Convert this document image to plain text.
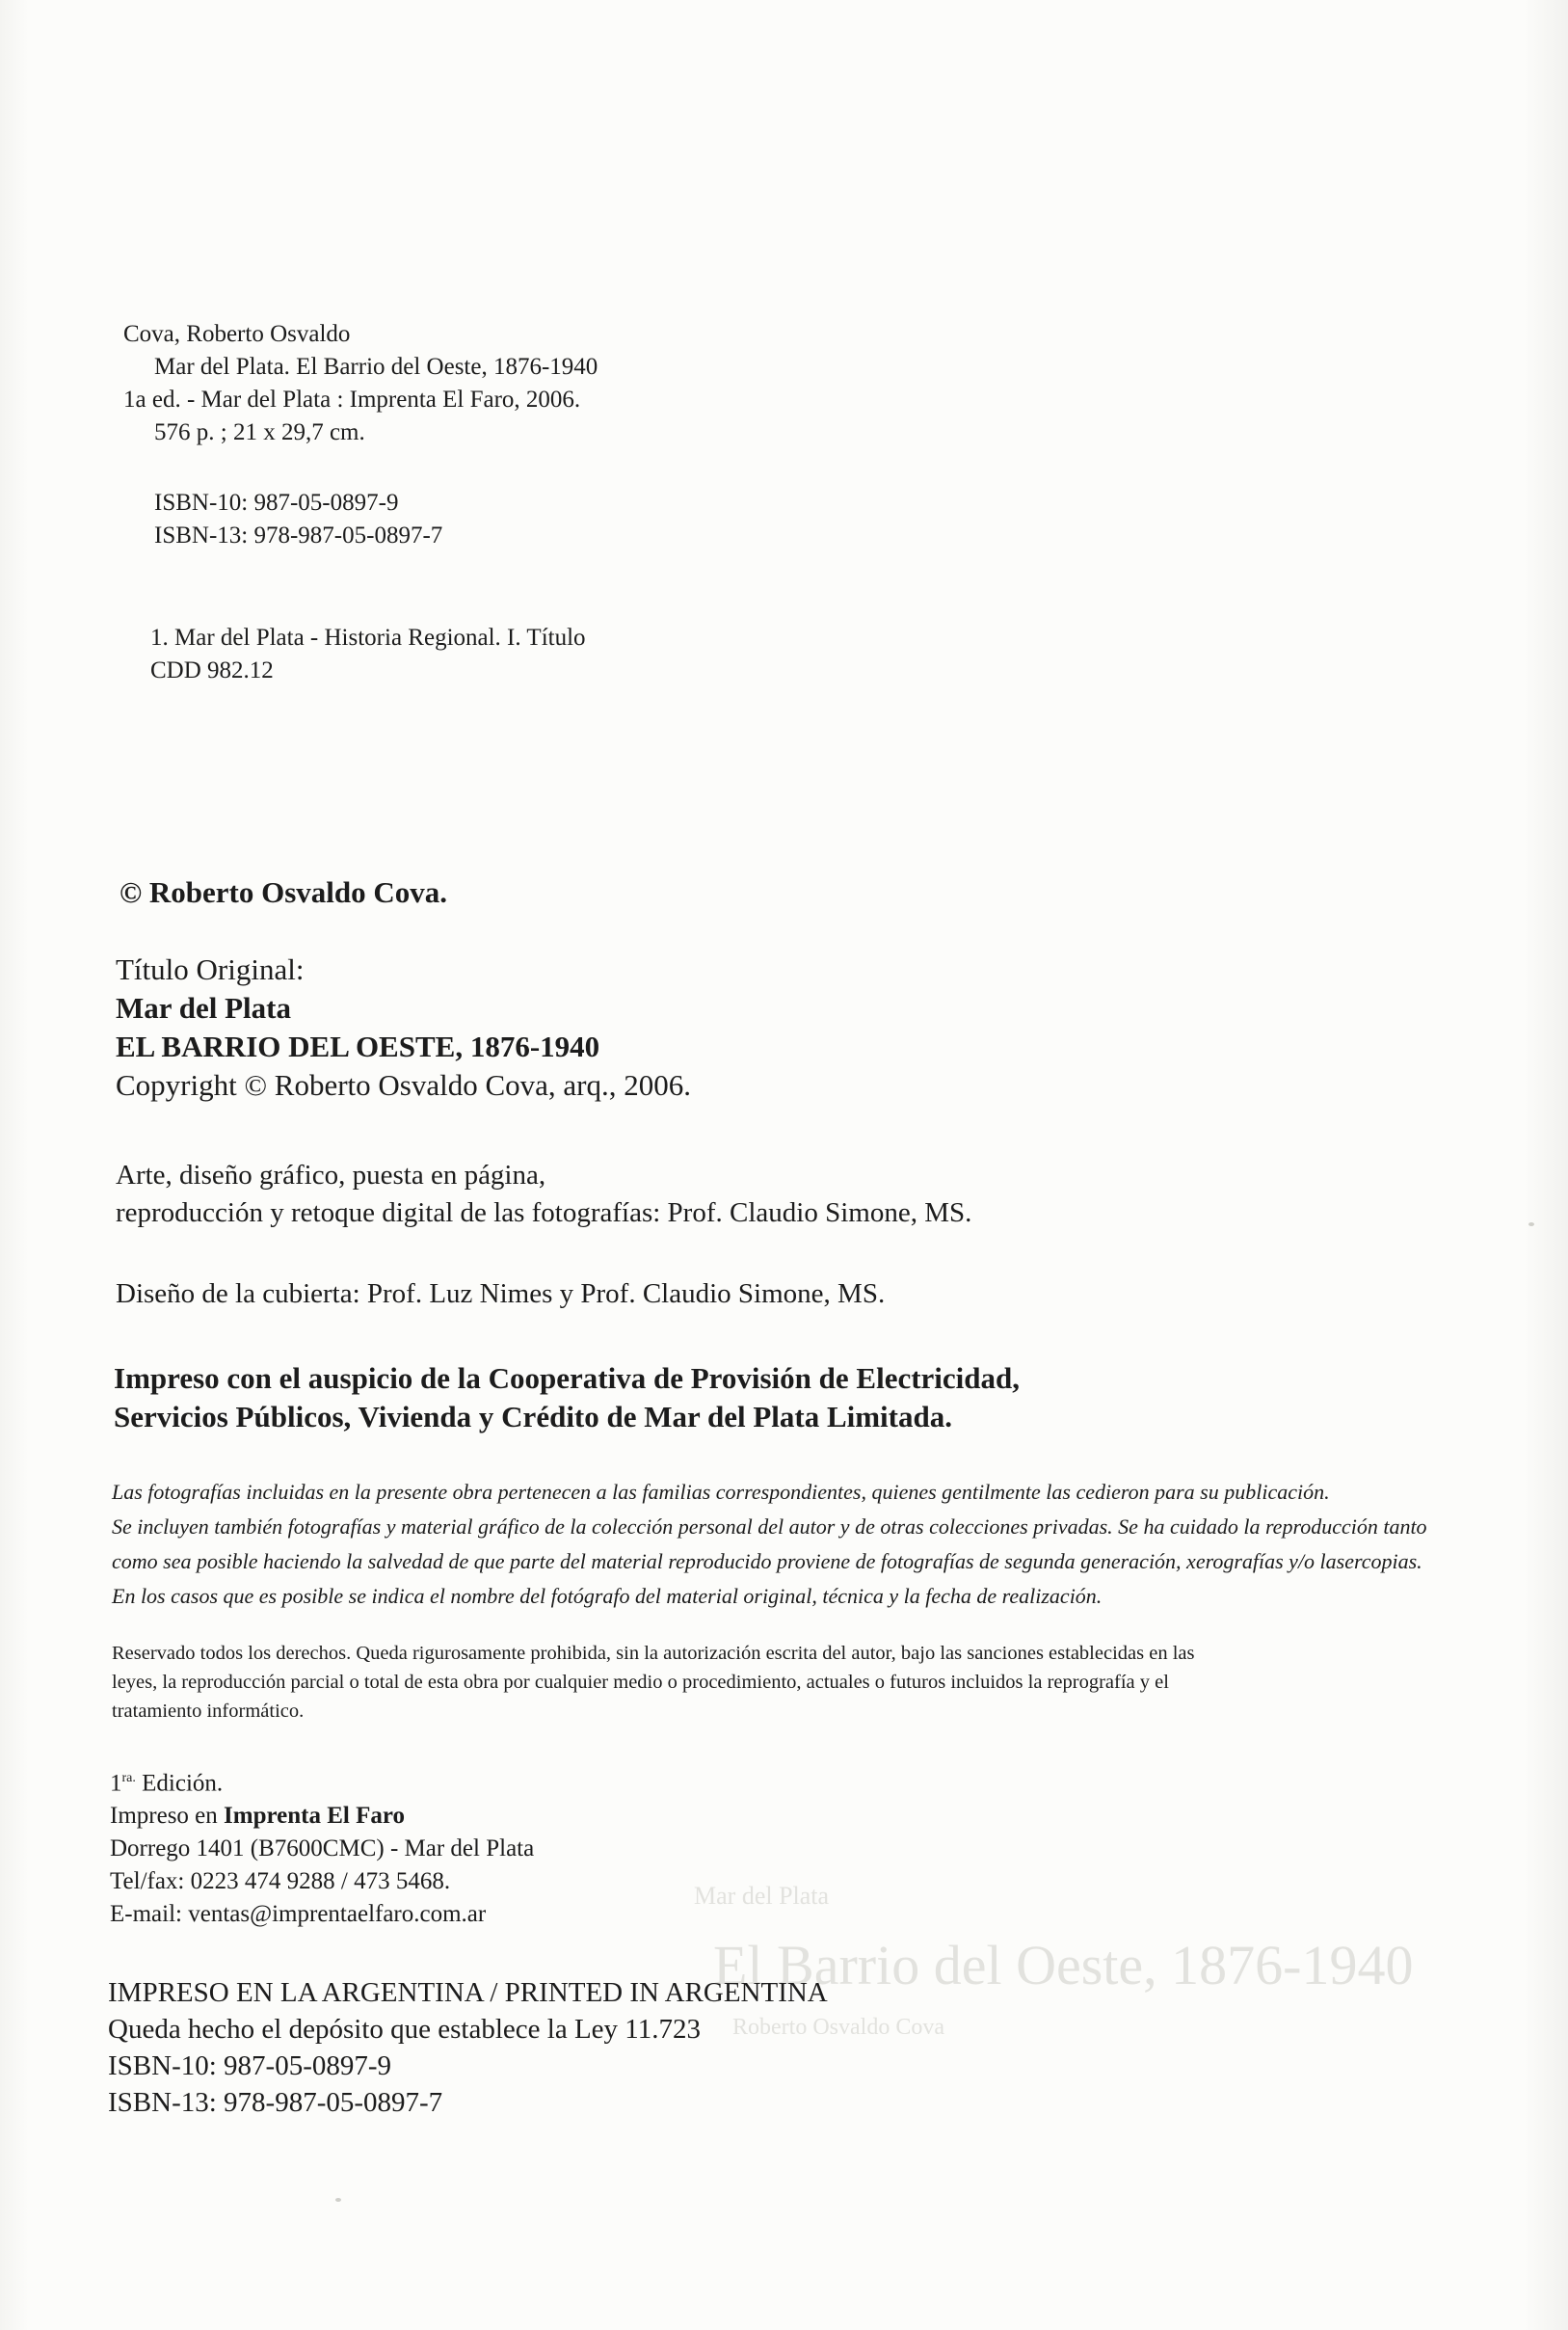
Mar del Plata
El Barrio del Oeste, 1876-1940
Roberto Osvaldo Cova
Cova, Roberto Osvaldo
Mar del Plata. El Barrio del Oeste, 1876-1940
1a ed. - Mar del Plata : Imprenta El Faro, 2006.
576 p. ; 21 x 29,7 cm.
ISBN-10: 987-05-0897-9
ISBN-13: 978-987-05-0897-7
1. Mar del Plata - Historia Regional. I. Título
CDD 982.12
© Roberto Osvaldo Cova.
Título Original:
Mar del Plata
EL BARRIO DEL OESTE, 1876-1940
Copyright © Roberto Osvaldo Cova, arq., 2006.
Arte, diseño gráfico, puesta en página,
reproducción y retoque digital de las fotografías: Prof. Claudio Simone, MS.
Diseño de la cubierta: Prof. Luz Nimes y Prof. Claudio Simone, MS.
Impreso con el auspicio de la Cooperativa de Provisión de Electricidad,
Servicios Públicos, Vivienda y Crédito de Mar del Plata Limitada.
Las fotografías incluidas en la presente obra pertenecen a las familias correspondientes, quienes gentilmente las cedieron para su publicación.
Se incluyen también fotografías y material gráfico de la colección personal del autor y de otras colecciones privadas. Se ha cuidado la reproducción tanto
como sea posible haciendo la salvedad de que parte del material reproducido proviene de fotografías de segunda generación, xerografías y/o lasercopias.
En los casos que es posible se indica el nombre del fotógrafo del material original, técnica y la fecha de realización.
Reservado todos los derechos. Queda rigurosamente prohibida, sin la autorización escrita del autor, bajo las sanciones establecidas en las
leyes, la reproducción parcial o total de esta obra por cualquier medio o procedimiento, actuales o futuros incluidos la reprografía y el
tratamiento informático.
$1^{ra.}$ Edición.
Impreso en Imprenta El Faro
Dorrego 1401 (B7600CMC) - Mar del Plata
Tel/fax: 0223 474 9288 / 473 5468.
E-mail: ventas@imprentaelfaro.com.ar
IMPRESO EN LA ARGENTINA / PRINTED IN ARGENTINA
Queda hecho el depósito que establece la Ley 11.723
ISBN-10: 987-05-0897-9
ISBN-13: 978-987-05-0897-7
